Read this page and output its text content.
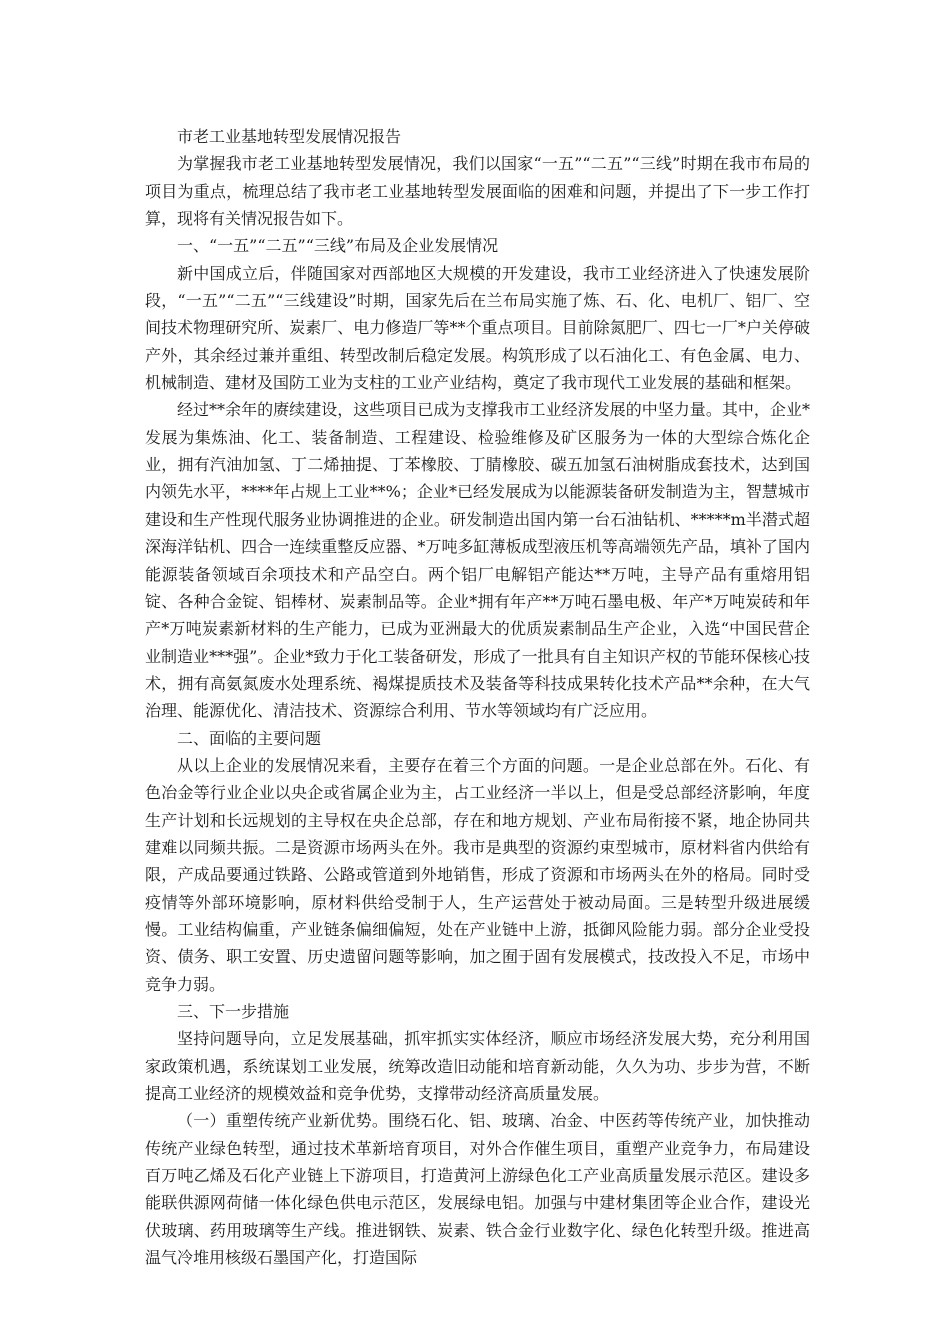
市老工业基地转型发展情况报告

为掌握我市老工业基地转型发展情况，我们以国家“一五”“二五”“三线”时期在我市布局的项目为重点，梳理总结了我市老工业基地转型发展面临的困难和问题，并提出了下一步工作打算，现将有关情况报告如下。

一、“一五”“二五”“三线”布局及企业发展情况

新中国成立后，伴随国家对西部地区大规模的开发建设，我市工业经济进入了快速发展阶段，“一五”“二五”“三线建设”时期，国家先后在兰布局实施了炼、石、化、电机厂、铝厂、空间技术物理研究所、炭素厂、电力修造厂等**个重点项目。目前除氮肥厂、四七一厂*户关停破产外，其余经过兼并重组、转型改制后稳定发展。构筑形成了以石油化工、有色金属、电力、机械制造、建材及国防工业为支柱的工业产业结构，奠定了我市现代工业发展的基础和框架。

经过**余年的赓续建设，这些项目已成为支撑我市工业经济发展的中坚力量。其中，企业*发展为集炼油、化工、装备制造、工程建设、检验维修及矿区服务为一体的大型综合炼化企业，拥有汽油加氢、丁二烯抽提、丁苯橡胶、丁腈橡胶、碳五加氢石油树脂成套技术，达到国内领先水平，****年占规上工业**%；企业*已经发展成为以能源装备研发制造为主，智慧城市建设和生产性现代服务业协调推进的企业。研发制造出国内第一台石油钻机、*****m半潜式超深海洋钻机、四合一连续重整反应器、*万吨多缸薄板成型液压机等高端领先产品，填补了国内能源装备领域百余项技术和产品空白。两个铝厂电解铝产能达**万吨，主导产品有重熔用铝锭、各种合金锭、铝棒材、炭素制品等。企业*拥有年产**万吨石墨电极、年产*万吨炭砖和年产*万吨炭素新材料的生产能力，已成为亚洲最大的优质炭素制品生产企业，入选“中国民营企业制造业***强”。企业*致力于化工装备研发，形成了一批具有自主知识产权的节能环保核心技术，拥有高氨氮废水处理系统、褐煤提质技术及装备等科技成果转化技术产品**余种，在大气治理、能源优化、清洁技术、资源综合利用、节水等领域均有广泛应用。

二、面临的主要问题

从以上企业的发展情况来看，主要存在着三个方面的问题。一是企业总部在外。石化、有色冶金等行业企业以央企或省属企业为主，占工业经济一半以上，但是受总部经济影响，年度生产计划和长远规划的主导权在央企总部，存在和地方规划、产业布局衔接不紧，地企协同共建难以同频共振。二是资源市场两头在外。我市是典型的资源约束型城市，原材料省内供给有限，产成品要通过铁路、公路或管道到外地销售，形成了资源和市场两头在外的格局。同时受疫情等外部环境影响，原材料供给受制于人，生产运营处于被动局面。三是转型升级进展缓慢。工业结构偏重，产业链条偏细偏短，处在产业链中上游，抵御风险能力弱。部分企业受投资、债务、职工安置、历史遗留问题等影响，加之囿于固有发展模式，技改投入不足，市场中竞争力弱。

三、下一步措施

坚持问题导向，立足发展基础，抓牢抓实实体经济，顺应市场经济发展大势，充分利用国家政策机遇，系统谋划工业发展，统筹改造旧动能和培育新动能，久久为功、步步为营，不断提高工业经济的规模效益和竞争优势，支撑带动经济高质量发展。

（一）重塑传统产业新优势。围绕石化、铝、玻璃、冶金、中医药等传统产业，加快推动传统产业绿色转型，通过技术革新培育项目，对外合作催生项目，重塑产业竞争力，布局建设百万吨乙烯及石化产业链上下游项目，打造黄河上游绿色化工产业高质量发展示范区。建设多能联供源网荷储一体化绿色供电示范区，发展绿电铝。加强与中建材集团等企业合作，建设光伏玻璃、药用玻璃等生产线。推进钢铁、炭素、铁合金行业数字化、绿色化转型升级。推进高温气冷堆用核级石墨国产化，打造国际
